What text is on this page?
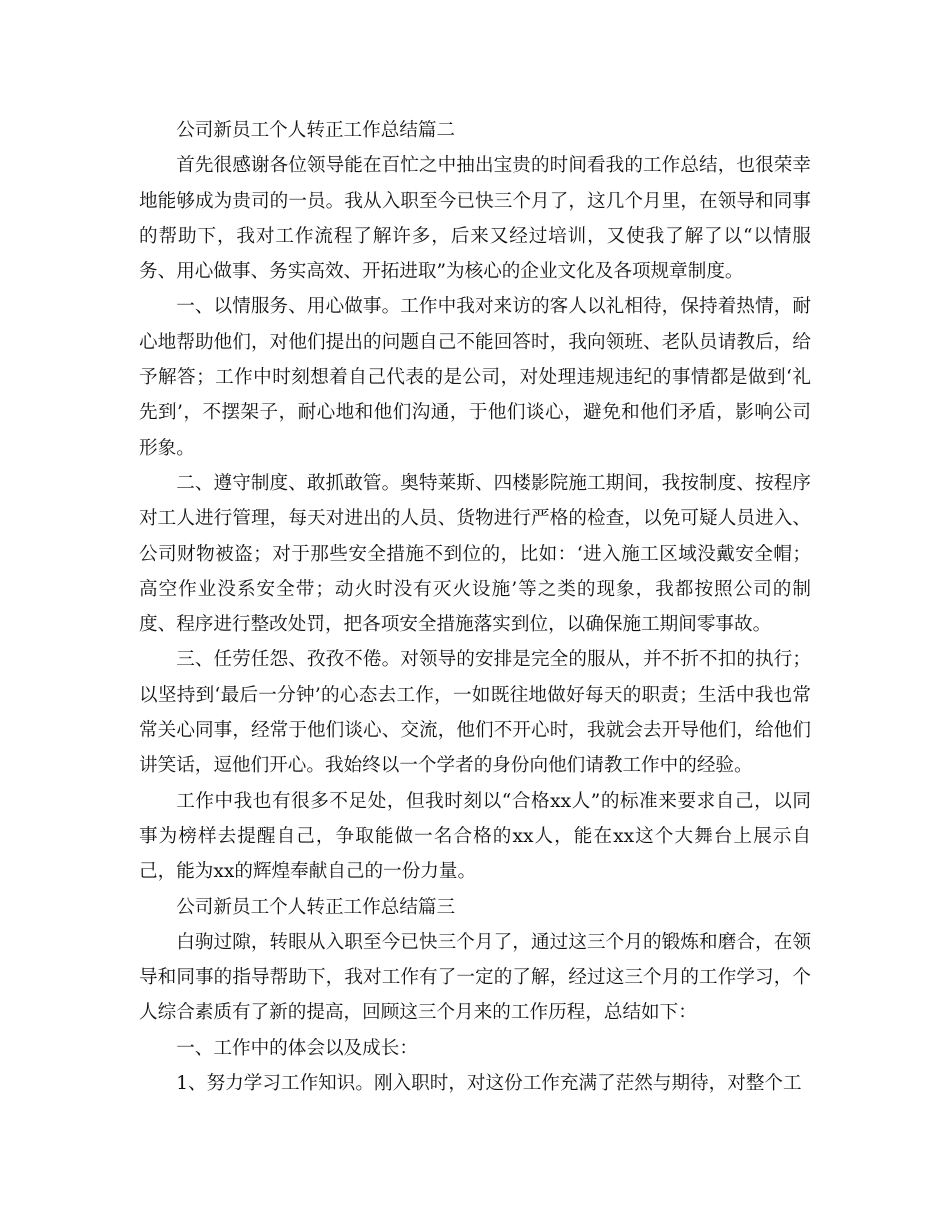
公司新员工个人转正工作总结篇二

首先很感谢各位领导能在百忙之中抽出宝贵的时间看我的工作总结，也很荣幸地能够成为贵司的一员。我从入职至今已快三个月了，这几个月里，在领导和同事的帮助下，我对工作流程了解许多，后来又经过培训，又使我了解了以“以情服务、用心做事、务实高效、开拓进取”为核心的企业文化及各项规章制度。

一、以情服务、用心做事。工作中我对来访的客人以礼相待，保持着热情，耐心地帮助他们，对他们提出的问题自己不能回答时，我向领班、老队员请教后，给予解答；工作中时刻想着自己代表的是公司，对处理违规违纪的事情都是做到‘礼先到’，不摆架子，耐心地和他们沟通，于他们谈心，避免和他们矛盾，影响公司形象。

二、遵守制度、敢抓敢管。奥特莱斯、四楼影院施工期间，我按制度、按程序对工人进行管理，每天对进出的人员、货物进行严格的检查，以免可疑人员进入、公司财物被盗；对于那些安全措施不到位的，比如：‘进入施工区域没戴安全帽；高空作业没系安全带；动火时没有灭火设施’等之类的现象，我都按照公司的制度、程序进行整改处罚，把各项安全措施落实到位，以确保施工期间零事故。

三、任劳任怨、孜孜不倦。对领导的安排是完全的服从，并不折不扣的执行；以坚持到‘最后一分钟’的心态去工作，一如既往地做好每天的职责；生活中我也常常关心同事，经常于他们谈心、交流，他们不开心时，我就会去开导他们，给他们讲笑话，逗他们开心。我始终以一个学者的身份向他们请教工作中的经验。

工作中我也有很多不足处，但我时刻以“合格xx人”的标准来要求自己，以同事为榜样去提醒自己，争取能做一名合格的xx人，能在xx这个大舞台上展示自己，能为xx的辉煌奉献自己的一份力量。

公司新员工个人转正工作总结篇三

白驹过隙，转眼从入职至今已快三个月了，通过这三个月的锻炼和磨合，在领导和同事的指导帮助下，我对工作有了一定的了解，经过这三个月的工作学习，个人综合素质有了新的提高，回顾这三个月来的工作历程，总结如下：

一、工作中的体会以及成长：

1、努力学习工作知识。刚入职时，对这份工作充满了茫然与期待，对整个工
